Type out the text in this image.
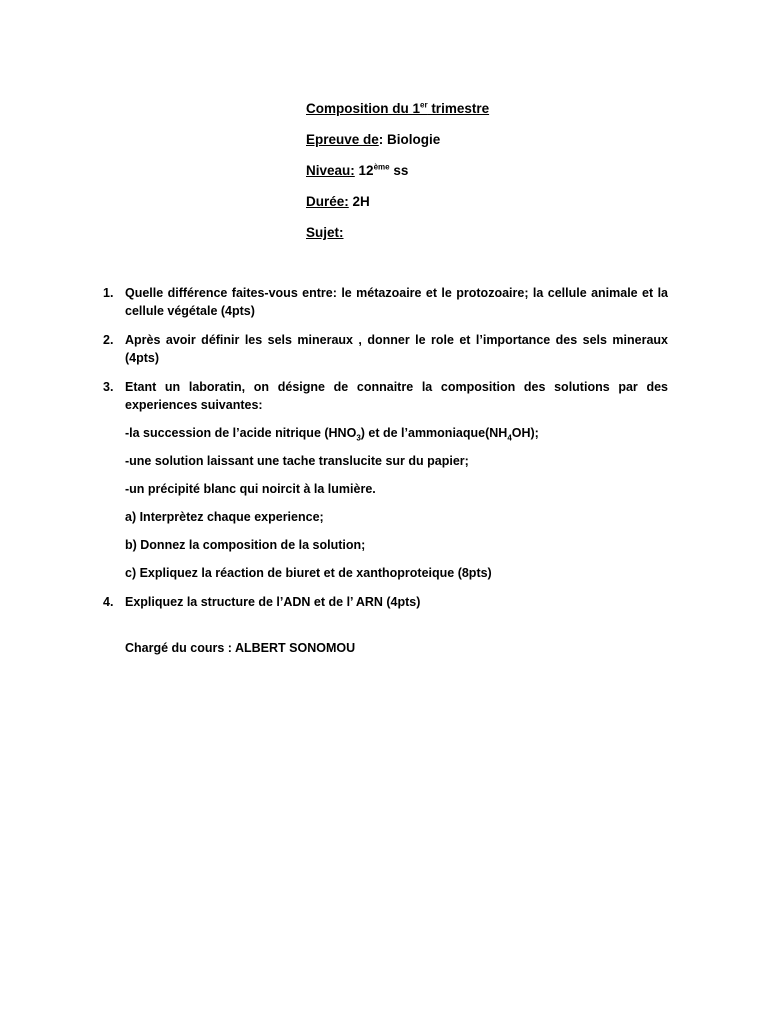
Composition du 1er trimestre
Epreuve de: Biologie
Niveau: 12ème ss
Durée: 2H
Sujet:
1. Quelle différence faites-vous entre: le métazoaire et le protozoaire; la cellule animale et la cellule végétale (4pts)
2. Après avoir définir les sels mineraux , donner le role et l’importance des sels mineraux (4pts)
3. Etant un laboratin, on désigne de connaitre la composition des solutions par des experiences suivantes:
-la succession de l’acide nitrique $(HNO_3)$ et de $l’ammoniaque(NH_4OH)$;
-une solution laissant une tache translucite sur du papier;
-un précipité blanc qui noircit à la lumière.
a) Interprètez chaque experience;
b) Donnez la composition de la solution;
c) Expliquez la réaction de biuret et de xanthoproteique (8pts)
4. Expliquez la structure de l’ADN et de l’ ARN (4pts)
Chargé du cours : ALBERT SONOMOU
